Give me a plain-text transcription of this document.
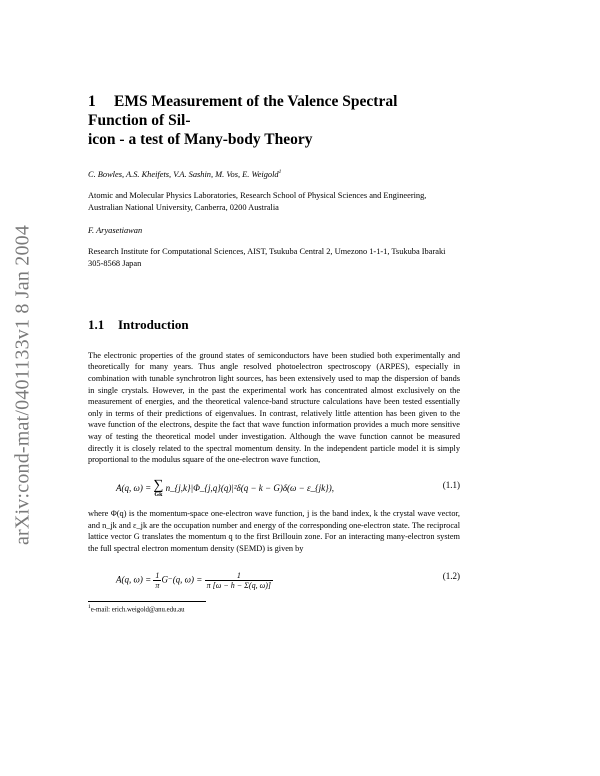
arXiv:cond-mat/0401133v1 8 Jan 2004
1 EMS Measurement of the Valence Spectral Function of Sil-
icon - a test of Many-body Theory
C. Bowles, A.S. Kheifets, V.A. Sashin, M. Vos, E. Weigold$^1$
Atomic and Molecular Physics Laboratories, Research School of Physical Sciences and Engineering, Australian National University, Canberra, 0200 Australia
F. Aryasetiawan
Research Institute for Computational Sciences, AIST, Tsukuba Central 2, Umezono 1-1-1, Tsukuba Ibaraki 305-8568 Japan
1.1 Introduction

The electronic properties of the ground states of semiconductors have been studied both experimentally and theoretically for many years. Thus angle resolved photoelectron spectroscopy (ARPES), especially in combination with tunable synchrotron light sources, has been extensively used to map the dispersion of bands in single crystals. However, in the past the experimental work has concentrated almost exclusively on the measurement of energies, and the theoretical valence-band structure calculations have been tested essentially only in terms of their predictions of eigenvalues. In contrast, relatively little attention has been given to the wave function of the electrons, despite the fact that wave function information provides a much more sensitive way of testing the theoretical model under investigation. Although the wave function cannot be measured directly it is closely related to the spectral momentum density. In the independent particle model it is simply proportional to the modulus square of the one-electron wave function,

A(q, ω) = ∑
Gk
n_{j,k}|Φ_{j,q}(q)|²δ(q − k − G)δ(ω − ε_{jk}),	(1.1)

where Φ(q) is the momentum-space one-electron wave function, j is the band index, k the crystal wave vector, and n_jk and ε_jk are the occupation number and energy of the corresponding one-electron state. The reciprocal lattice vector G translates the momentum q to the first Brillouin zone. For an interacting many-electron system the full spectral electron momentum density (SEMD) is given by

A(q, $\omega) = \frac{1}{\pi} G^-(q$, $\omega) = \frac{1}{\pi [\omega - h - \Sigma(q, \omega)]}$	(1.2)
$^1$e-mail: erich.weigold@anu.edu.au
